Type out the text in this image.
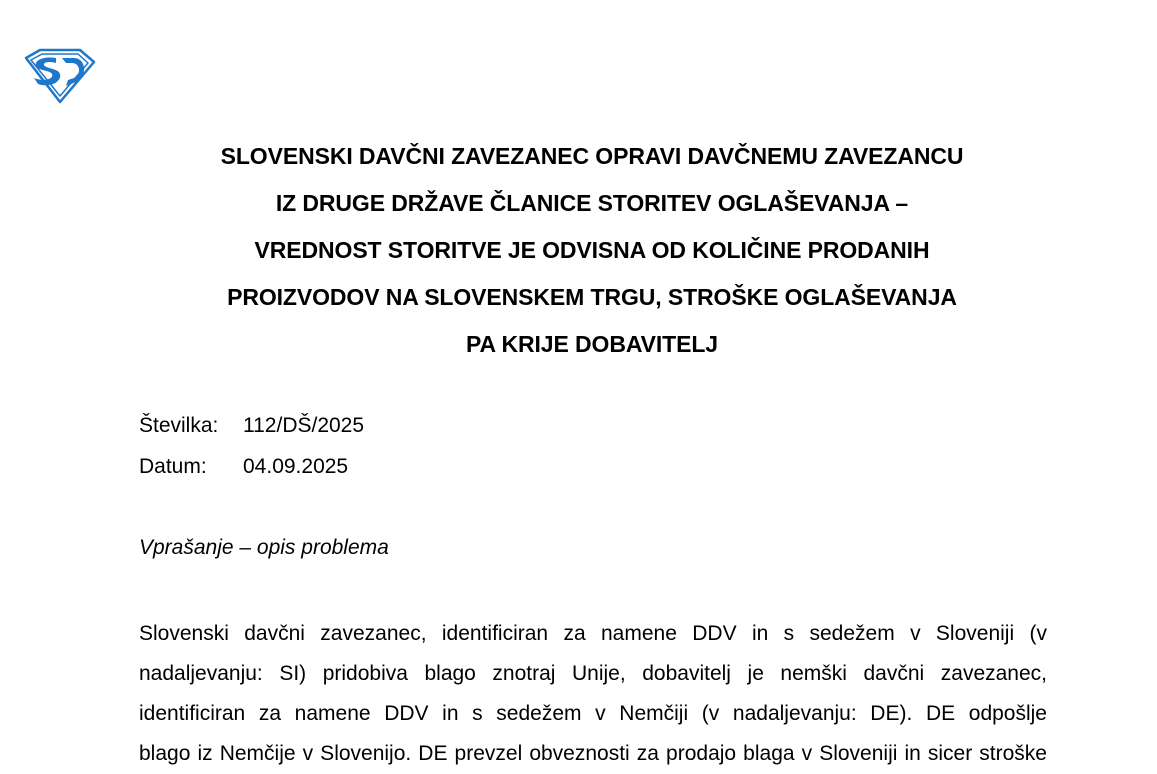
SLOVENSKI DAVČNI ZAVEZANEC OPRAVI DAVČNEMU ZAVEZANCU
IZ DRUGE DRŽAVE ČLANICE STORITEV OGLAŠEVANJA –
VREDNOST STORITVE JE ODVISNA OD KOLIČINE PRODANIH
PROIZVODOV NA SLOVENSKEM TRGU, STROŠKE OGLAŠEVANJA
PA KRIJE DOBAVITELJ
Številka: 112/DŠ/2025
Datum: 04.09.2025
Vprašanje – opis problema
Slovenski davčni zavezanec, identificiran za namene DDV in s sedežem v Sloveniji (v
nadaljevanju: SI) pridobiva blago znotraj Unije, dobavitelj je nemški davčni zavezanec,
identificiran za namene DDV in s sedežem v Nemčiji (v nadaljevanju: DE). DE odpošlje
blago iz Nemčije v Slovenijo. DE prevzel obveznosti za prodajo blaga v Sloveniji in sicer stroške
